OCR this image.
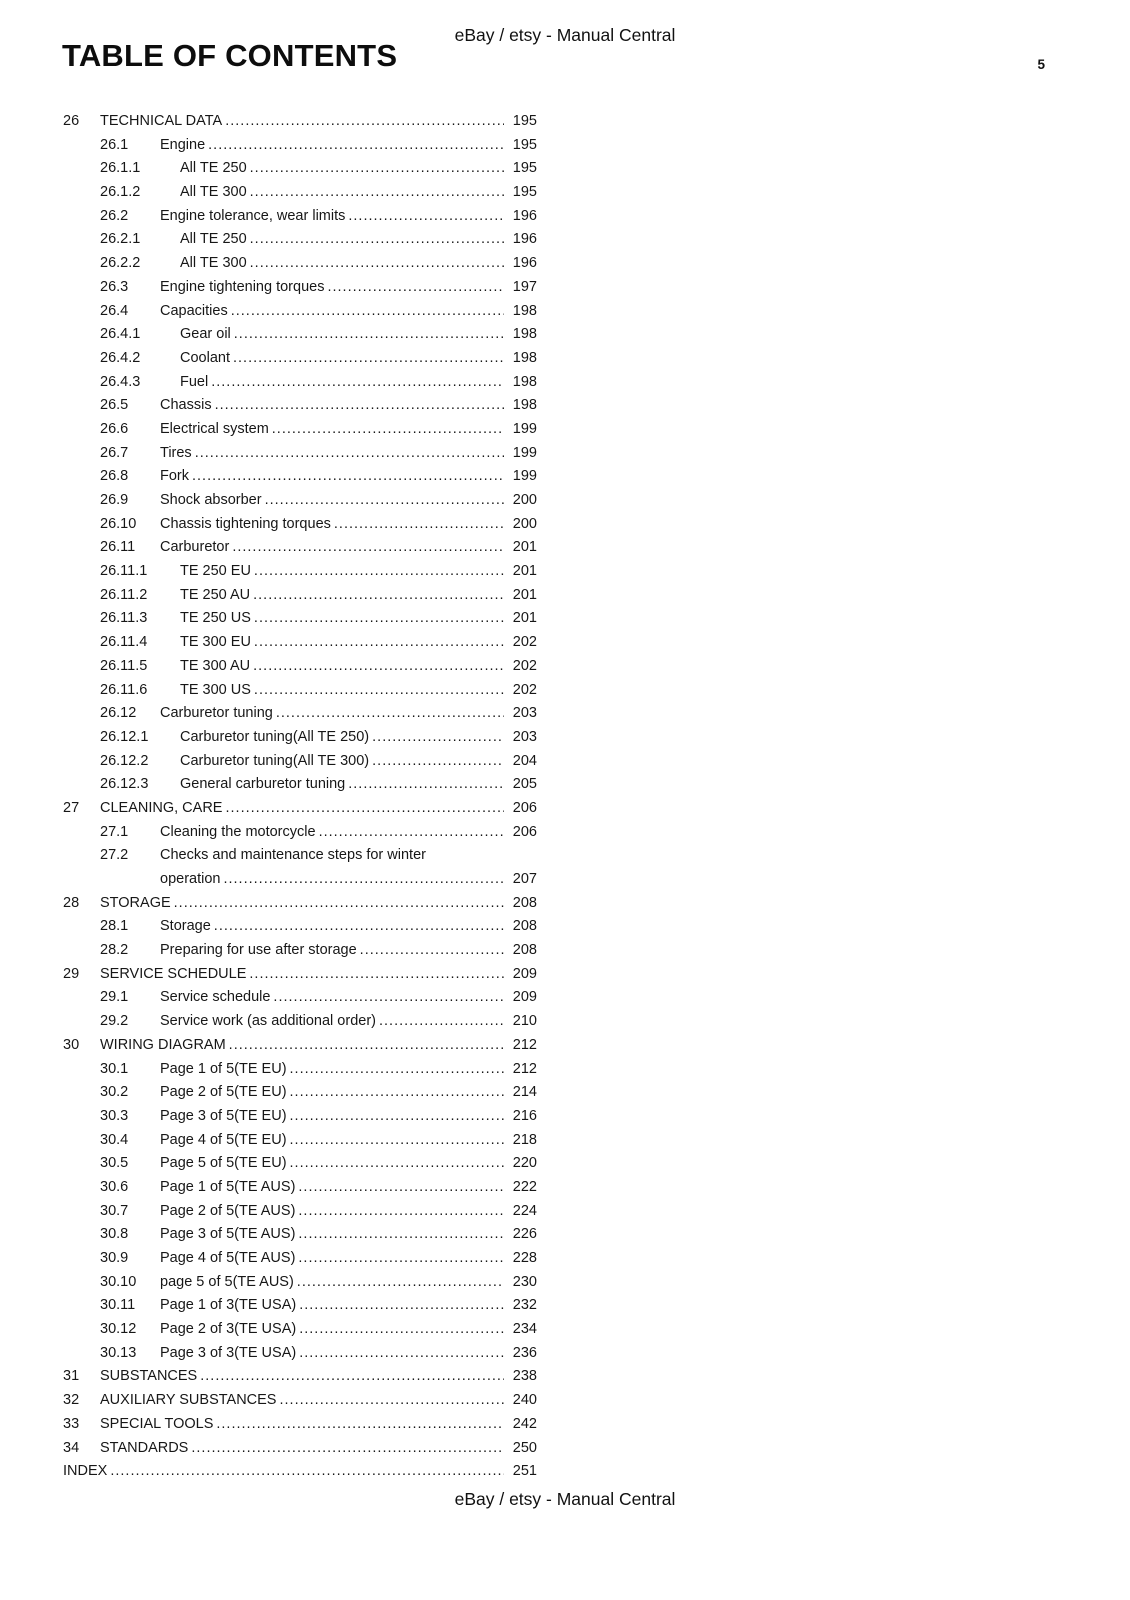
eBay / etsy - Manual Central
TABLE OF CONTENTS	5
26	TECHNICAL DATA .....	195
26.1	Engine .....	195
26.1.1	All TE 250 .....	195
26.1.2	All TE 300 .....	195
26.2	Engine tolerance, wear limits .....	196
26.2.1	All TE 250 .....	196
26.2.2	All TE 300 .....	196
26.3	Engine tightening torques .....	197
26.4	Capacities .....	198
26.4.1	Gear oil .....	198
26.4.2	Coolant .....	198
26.4.3	Fuel .....	198
26.5	Chassis .....	198
26.6	Electrical system .....	199
26.7	Tires .....	199
26.8	Fork .....	199
26.9	Shock absorber .....	200
26.10	Chassis tightening torques .....	200
26.11	Carburetor .....	201
26.11.1	TE 250 EU .....	201
26.11.2	TE 250 AU .....	201
26.11.3	TE 250 US .....	201
26.11.4	TE 300 EU .....	202
26.11.5	TE 300 AU .....	202
26.11.6	TE 300 US .....	202
26.12	Carburetor tuning .....	203
26.12.1	Carburetor tuning(All TE 250) .....	203
26.12.2	Carburetor tuning(All TE 300) .....	204
26.12.3	General carburetor tuning .....	205
27	CLEANING, CARE .....	206
27.1	Cleaning the motorcycle .....	206
27.2	Checks and maintenance steps for winter
operation .....	207
28	STORAGE .....	208
28.1	Storage .....	208
28.2	Preparing for use after storage .....	208
29	SERVICE SCHEDULE .....	209
29.1	Service schedule .....	209
29.2	Service work (as additional order) .....	210
30	WIRING DIAGRAM .....	212
30.1	Page 1 of 5(TE EU) .....	212
30.2	Page 2 of 5(TE EU) .....	214
30.3	Page 3 of 5(TE EU) .....	216
30.4	Page 4 of 5(TE EU) .....	218
30.5	Page 5 of 5(TE EU) .....	220
30.6	Page 1 of 5(TE AUS) .....	222
30.7	Page 2 of 5(TE AUS) .....	224
30.8	Page 3 of 5(TE AUS) .....	226
30.9	Page 4 of 5(TE AUS) .....	228
30.10	page 5 of 5(TE AUS) .....	230
30.11	Page 1 of 3(TE USA) .....	232
30.12	Page 2 of 3(TE USA) .....	234
30.13	Page 3 of 3(TE USA) .....	236
31	SUBSTANCES .....	238
32	AUXILIARY SUBSTANCES .....	240
33	SPECIAL TOOLS .....	242
34	STANDARDS .....	250
INDEX .....	251
eBay / etsy - Manual Central
